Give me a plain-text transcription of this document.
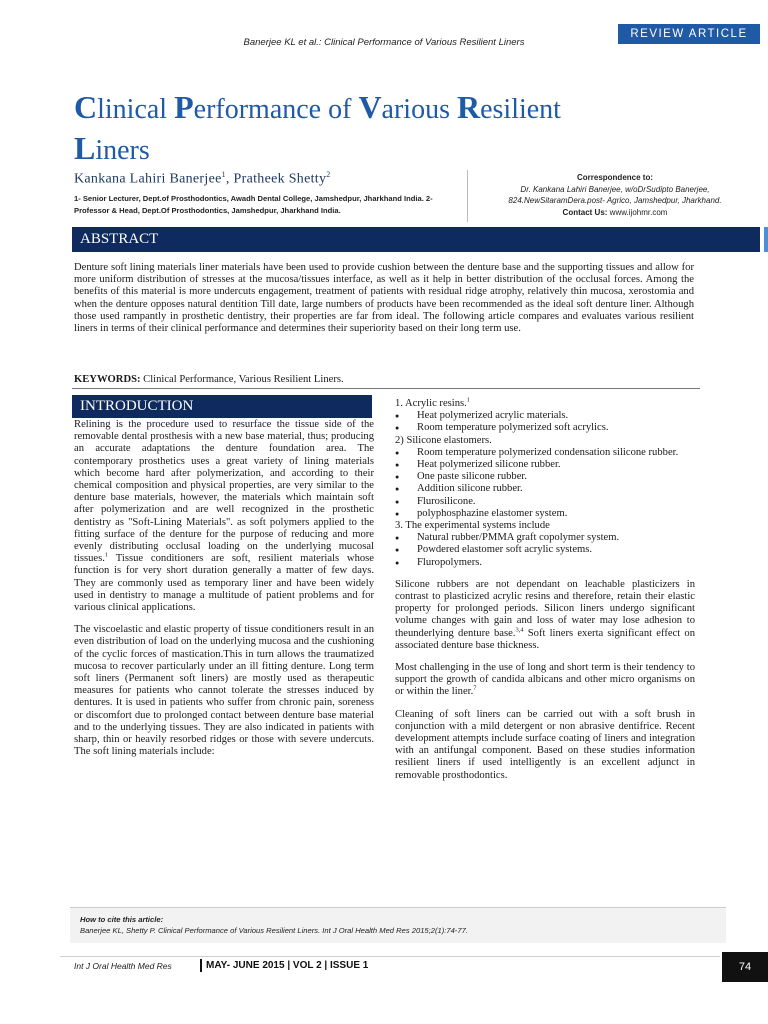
Banerjee KL et al.: Clinical Performance of Various Resilient Liners
REVIEW ARTICLE
Clinical Performance of Various Resilient
Liners
Kankana Lahiri Banerjee$^1$, Pratheek Shetty$^2$
1- Senior Lecturer, Dept.of Prosthodontics, Awadh Dental College, Jamshedpur, Jharkhand India. 2- Professor & Head, Dept.Of Prosthodontics, Jamshedpur, Jharkhand India.
Correspondence to:
Dr. Kankana Lahiri Banerjee, w/oDrSudipto Banerjee,
824.NewSitaramDera.post- Agrico, Jamshedpur, Jharkhand.
Contact Us: www.ijohmr.com
ABSTRACT
Denture soft lining materials liner materials have been used to provide cushion between the denture base and the supporting tissues and allow for more uniform distribution of stresses at the mucosa/tissues interface, as well as it help in better distribution of the occlusal forces. Among the benefits of this material is more undercuts engagement, treatment of patients with residual ridge atrophy, relatively thin mucosa, xerostomia and when the denture opposes natural dentition Till date, large numbers of products have been recommended as the ideal soft denture liner. Although those used rampantly in prosthetic dentistry, their properties are far from ideal. The following article compares and evaluates various resilient liners in terms of their clinical performance and determines their superiority based on their long term use.
KEYWORDS: Clinical Performance, Various Resilient Liners.
INTRODUCTION

Relining is the procedure used to resurface the tissue side of the removable dental prosthesis with a new base material, thus; producing an accurate adaptations the denture foundation area. The contemporary prosthetics uses a great variety of lining materials which become hard after polymerization, and according to their chemical composition and physical properties, are very similar to the denture base materials, however, the materials which maintain soft after polymerization and are well recognized in the prosthetic dentistry as "Soft-Lining Materials". as soft polymers applied to the fitting surface of the denture for the purpose of reducing and more evenly distributing occlusal loading on the underlying mucosal tissues.$^1$ Tissue conditioners are soft, resilient materials whose function is for very short duration generally a matter of few days. They are commonly used as temporary liner and have been widely used in dentistry to manage a multitude of patient problems and for various clinical applications.

The viscoelastic and elastic property of tissue conditioners result in an even distribution of load on the underlying mucosa and the cushioning of the cyclic forces of mastication.This in turn allows the traumatized mucosa to recover particularly under an ill fitting denture. Long term soft liners (Permanent soft liners) are mostly used as therapeutic measures for patients who cannot tolerate the stresses induced by dentures. It is used in patients who suffer from chronic pain, soreness or discomfort due to prolonged contact between denture base material and to the underlying tissues. They are also indicated in patients with sharp, thin or heavily resorbed ridges or those with severe undercuts. The soft lining materials include:

1. Acrylic resins.$^1$
● Heat polymerized acrylic materials.
● Room temperature polymerized soft acrylics.
2) Silicone elastomers.
● Room temperature polymerized condensation silicone rubber.
● Heat polymerized silicone rubber.
● One paste silicone rubber.
● Addition silicone rubber.
● Flurosilicone.
● polyphosphazine elastomer system.
3. The experimental systems include
● Natural rubber/PMMA graft copolymer system.
● Powdered elastomer soft acrylic systems.
● Fluropolymers.

Silicone rubbers are not dependant on leachable plasticizers in contrast to plasticized acrylic resins and therefore, retain their elastic property for prolonged periods. Silicon liners undergo significant volume changes with gain and loss of water may lose adhesion to theunderlying denture base.$^{3,4}$ Soft liners exerta significant effect on associated denture base thickness.

Most challenging in the use of long and short term is their tendency to support the growth of candida albicans and other micro organisms on or within the liner.$^7$

Cleaning of soft liners can be carried out with a soft brush in conjunction with a mild detergent or non abrasive dentifrice. Recent development attempts include surface coating of liners and integration with an antifungal component. Based on these studies information resilient liners if used intelligently is an excellent adjunct in removable prosthodontics.

How to cite this article:
Banerjee KL, Shetty P. Clinical Performance of Various Resilient Liners. Int J Oral Health Med Res 2015;2(1):74-77.
Int J Oral Health Med Res	MAY- JUNE 2015 | VOL 2 | ISSUE 1	74
